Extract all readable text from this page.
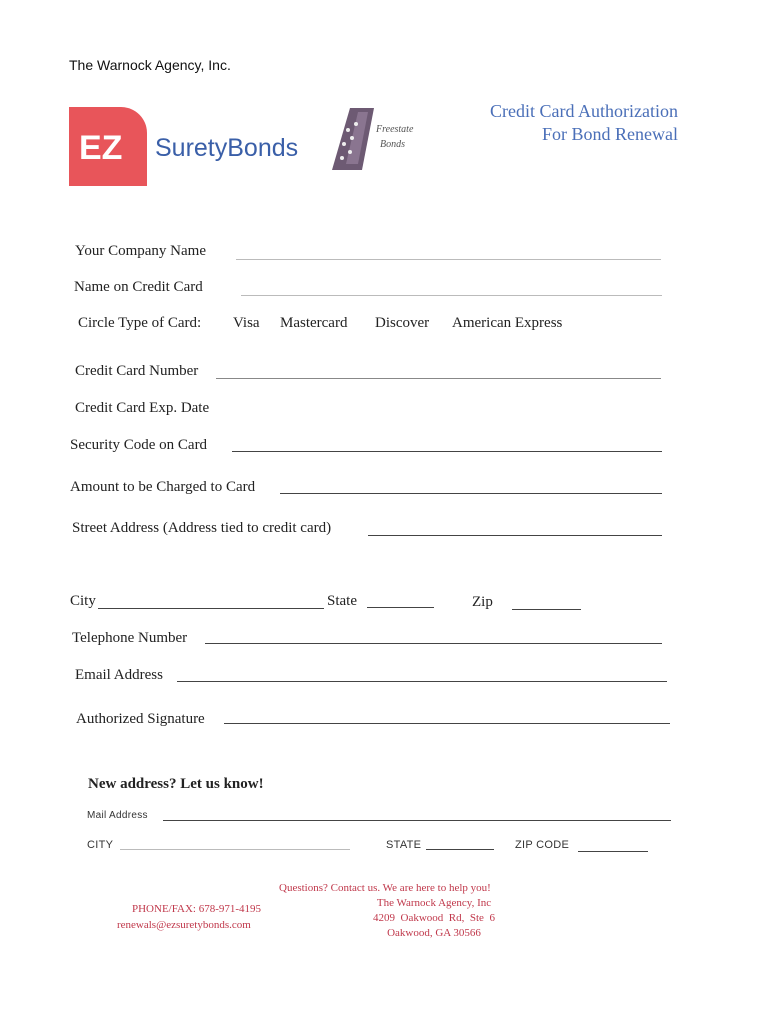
The Warnock Agency, Inc.
EZ SuretyBonds
Freestate
Bonds
Credit Card Authorization
For Bond Renewal
Your Company Name
Name on Credit Card
Circle Type of Card: Visa Mastercard Discover American Express
Credit Card Number
Credit Card Exp. Date
Security Code on Card
Amount to be Charged to Card
Street Address (Address tied to credit card)
City	State	Zip
Telephone Number
Email Address
Authorized Signature
New address? Let us know!
Mail Address
CITY	STATE	ZIP CODE
Questions? Contact us. We are here to help you!
PHONE/FAX: 678-971-4195
renewals@ezsuretybonds.com
The Warnock Agency, Inc
4209  Oakwood  Rd,  Ste  6
Oakwood, GA 30566
